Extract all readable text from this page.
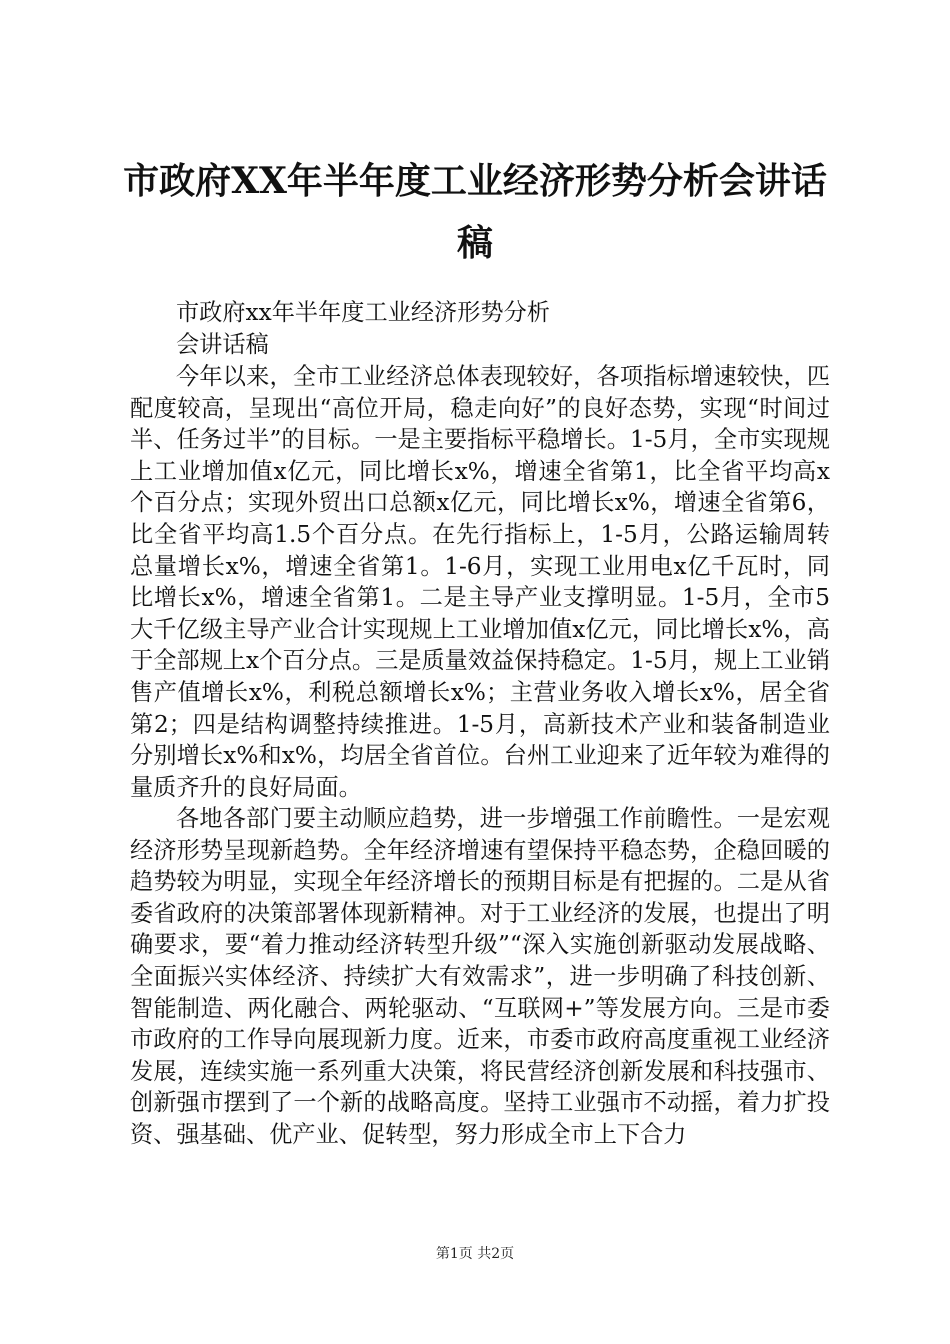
市政府XX年半年度工业经济形势分析会讲话
稿

市政府xx年半年度工业经济形势分析

会讲话稿

今年以来，全市工业经济总体表现较好，各项指标增速较快，匹配度较高，呈现出“高位开局，稳走向好”的良好态势，实现“时间过半、任务过半”的目标。一是主要指标平稳增长。1-5月，全市实现规上工业增加值x亿元，同比增长x%，增速全省第1，比全省平均高x个百分点；实现外贸出口总额x亿元，同比增长x%，增速全省第6，比全省平均高1.5个百分点。在先行指标上，1-5月，公路运输周转总量增长x%，增速全省第1。1-6月，实现工业用电x亿千瓦时，同比增长x%，增速全省第1。二是主导产业支撑明显。1-5月，全市5大千亿级主导产业合计实现规上工业增加值x亿元，同比增长x%，高于全部规上x个百分点。三是质量效益保持稳定。1-5月，规上工业销售产值增长x%，利税总额增长x%；主营业务收入增长x%，居全省第2；四是结构调整持续推进。1-5月，高新技术产业和装备制造业分别增长x%和x%，均居全省首位。台州工业迎来了近年较为难得的量质齐升的良好局面。

各地各部门要主动顺应趋势，进一步增强工作前瞻性。一是宏观经济形势呈现新趋势。全年经济增速有望保持平稳态势，企稳回暖的趋势较为明显，实现全年经济增长的预期目标是有把握的。二是从省委省政府的决策部署体现新精神。对于工业经济的发展，也提出了明确要求，要“着力推动经济转型升级”“深入实施创新驱动发展战略、全面振兴实体经济、持续扩大有效需求”，进一步明确了科技创新、智能制造、两化融合、两轮驱动、“互联网+”等发展方向。三是市委市政府的工作导向展现新力度。近来，市委市政府高度重视工业经济发展，连续实施一系列重大决策，将民营经济创新发展和科技强市、创新强市摆到了一个新的战略高度。坚持工业强市不动摇，着力扩投资、强基础、优产业、促转型，努力形成全市上下合力

第1页 共2页
